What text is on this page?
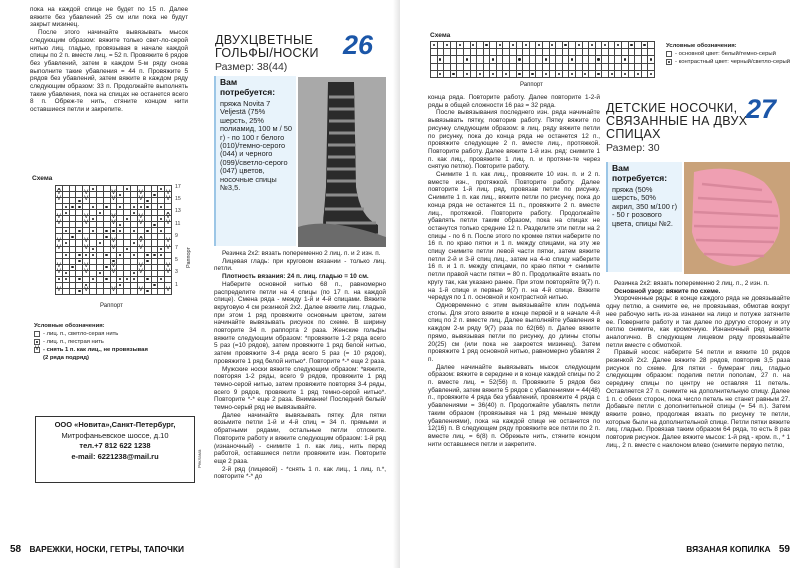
пока на каждой спице не будет по 15 п. Далее вяжите без убавлений 25 см или пока не будут закрыт мизинец.

После этого начинайте вывязывать мысок следующим образом: вяжите только свет-ло-серой нитью лиц. гладью, провязывая в начале каждой спицы по 2 п. вместе лиц. = 52 п. Провяжите 6 рядов без убавлений, затем в каждом 5-м ряду снова выполните такие убавления = 44 п. Провяжите 5 рядов без убавлений, затем вяжите в каждом ряду следующим образом: 33 п. Продолжайте выполнять такие убавления, пока на спицах не останется всего 8 п. Обреж-те нить, стяните концом нити оставшиеся петли и закрепите.

Схема
V
V
V
V
V
V
V
V
V
V
V
V
V
V
V
V
V
V
V
V
V
V
V
V
V
V
V
V
V
V
V
V
V
V
V
V
V
V
V
V
V
V
V
V
V
17
15
13
11
9
7
5
3
1
Раппорт
Раппорт
Условные обозначения:
- лиц. п., светло-серая нить
- лиц. п., пестрая нить
V
- снять 1 п. как лиц., не провязывая
(2 ряда подряд)
ООО «Новита»,Санкт-Петербург,
Митрофаньевское шоссе, д.10
тел.+7 812 622 1238
e-mail: 6221238@mail.ru	Реклама
ДВУХЦВЕТНЫЕ
ГОЛЬФЫ/НОСКИ
Размер: 38(44)
26
Вам потребуется:
пряжа Novita 7 Veljestä (75% шерсть, 25% полиамид, 100 м / 50 г) - по 100 г белого (010)/темно-серого (044) и черного (099)/светло-серого (047) цветов, носочные спицы №3,5.

Резинка 2х2: вязать попеременно 2 лиц. п. и 2 изн. п.

Лицевая гладь: при круговом вязании - только лиц. петли.

Плотность вязания: 24 п. лиц. гладью = 10 см.

Наберите основной нитью 68 п., равномерно распределите петли на 4 спицы (по 17 п. на каждой спице). Смена ряда - между 1-й и 4-й спицами. Вяжите вкруговую 4 см резинкой 2х2. Далее вяжите лиц. гладью, при этом 1 ряд провяжите основным цветом, затем начинайте вывязывать рисунок по схеме. В ширину повторите 34 п. раппорта 2 раза. Женские гольфы вяжите следующим образом: *провяжите 1-2 ряда всего 5 раз (=10 рядов), затем провяжите 1 ряд белой нитью, затем провяжите 3-4 ряда всего 5 раз (= 10 рядов), провяжите 1 ряд белой нитью*. Повторите *-* еще 2 раза.

Мужские носки вяжите следующим образом: *вяжите, повторяя 1-2 ряды, всего 9 рядов, провяжите 1 ряд темно-серой нитью, затем провяжите повторяя 3-4 ряды, всего 9 рядов, провяжите 1 ряд темно-серой нитью*. Повторите *-* еще 2 раза. Внимание! Последний белый/темно-серый ряд не вывязывайте.

Далее начинайте вывязывать пятку. Для пятки возьмите петли 1-й и 4-й спиц = 34 п. прямыми и обратными рядами, остальные петли отложите. Повторите работу и вяжите следующим образом: 1-й ряд (изнаночный) - снимите 1 п. как лиц., нить перед работой, оставшиеся петли провяжите изн. Повторите еще 2 раза.

2-й ряд (лицевой) - *снять 1 п. как лиц., 1 лиц. п.*, повторите *-* до

58 ВАРЕЖКИ, НОСКИ, ГЕТРЫ, ТАПОЧКИ
Схема
Раппорт
Условные обозначения:
- основной цвет: белый/темно-серый
- контрастный цвет: черный/светло-серый

конца ряда. Повторите работу. Далее повторите 1-2-й ряды в общей сложности 16 раз = 32 ряда.

После вывязывания последнего изн. ряда начинайте вывязывать пятку, повторив работу. Пятку вяжите по рисунку следующим образом: в лиц. ряду вяжите петли по рисунку, пока до конца ряда не останется 12 п., провяжите следующие 2 п. вместе лиц., протяжкой. Повторите работу. Далее вяжите 1-й изн. ряд: снимите 1 п. как лиц., провяжите 1 лиц. п. и протяни-те через снятую петлю). Повторите работу.

Снимите 1 п. как лиц., провяжите 10 изн. п. и 2 п. вместе изн., протяжкой. Повторите работу. Далее повторите 1-й лиц. ряд, провязав петли по рисунку. Снимите 1 п. как лиц., вяжите петли по рисунку, пока до конца ряда не останется 11 п., провяжите 2 п. вместе лиц., протяжкой. Повторите работу. Продолжайте убавлять петли таким образом, пока на спицах не останутся только средние 12 п. Разделите эти петли на 2 спицы - по 6 п. После этого по кромке пятки наберите по 16 п. по краю пятки и 1 п. между спицами, на эту же спицу снимите петли левой части пятки, затем вяжите петли 2-й и 3-й спиц лиц., затем на 4-ю спицу наберите 16 п. и 1 п. между спицами, по краю пятки + снимите петли правой части пятки = 80 п. Продолжайте вязать по кругу так, как указано ранее. При этом повторяйте 9(7) п. на 1-й спице и первые 9(7) п. на 4-й спице. Вяжите чередуя по 1 п. основной и контрастной нитью.

Одновременно с этим вывязывайте клин подъема стопы. Для этого вяжите в конце первой и в начале 4-й спиц по 2 п. вместе лиц. Далее выполняйте убавления в каждом 2-м ряду 9(7) раза по 62(66) п. Далее вяжите прямо, вывязывая петли по рисунку, до длины стопы 20(25) см (или пока не закроется мизинец). Затем провяжите 1 ряд основной нитью, равномерно убавляя 2 п.

Далее начинайте вывязывать мысок следующим образом: вяжите в середине и в конце каждой спицы по 2 п. вместе лиц. = 52(56) п. Провяжите 5 рядов без убавлений, затем вяжите 5 рядов с убавлениями = 44(48) п., провяжите 4 ряда без убавлений, провяжите 4 ряда с убавлениями = 36(40) п. Продолжайте убавлять петли таким образом (провязывая на 1 ряд меньше между убавлениями), пока на каждой спице не останется по 12(16) п. В следующем ряду провяжите все петли по 2 п. вместе лиц. = 6(8) п. Обрежьте нить, стяните концом нити оставшиеся петли и закрепите.

ДЕТСКИЕ НОСОЧКИ,
СВЯЗАННЫЕ НА ДВУХ
СПИЦАХ
Размер: 30
27
Вам потребуется:
пряжа (50% шерсть, 50% акрил, 350 м/100 г) - 50 г розового цвета, спицы №2.

Резинка 2х2: вязать попеременно 2 лиц. п., 2 изн. п.

Основной узор: вяжите по схеме.

Укороченные ряды: в конце каждого ряда не довязывайте одну петлю, а снимите ее, не провязывая, обмотав вокруг нее рабочую нить из-за изнанки на лицо и потуже затяните ее. Поверните работу и так далее по другую сторону и эту петлю снимите, как кромочную. Изнаночный ряд вяжите аналогично. В следующем лицевом ряду провязывайте петли вместе с обмоткой.

Правый носок: наберите 54 петли и вяжите 10 рядов резинкой 2х2. Далее вяжите 28 рядов, повторив 3,5 раза рисунок по схеме. Для пятки - бумеранг лиц. гладью следующим образом: поделив петли пополам, 27 п. на середину спицы по центру не оставляя 11 петель. Оставляется 27 п. снимите на дополнительную спицу. Далее 1 п. с обеих сторон, пока число петель не станет равным 27. Добавьте петли с дополнительной спицы (= 54 п.). Затем вяжите ровно, продолжая вязать по рисунку те петли, которые были на дополнительной спице. Петли пятки вяжите лиц. гладью. Провязав таким образом 64 ряда, то есть 8 раз повторив рисунок. Далее вяжите мысок: 1-й ряд - кром. п., * 1 лиц., 2 п. вместе с наклоном влево (снимите первую петлю,

ВЯЗАНАЯ КОПИЛКА 59
